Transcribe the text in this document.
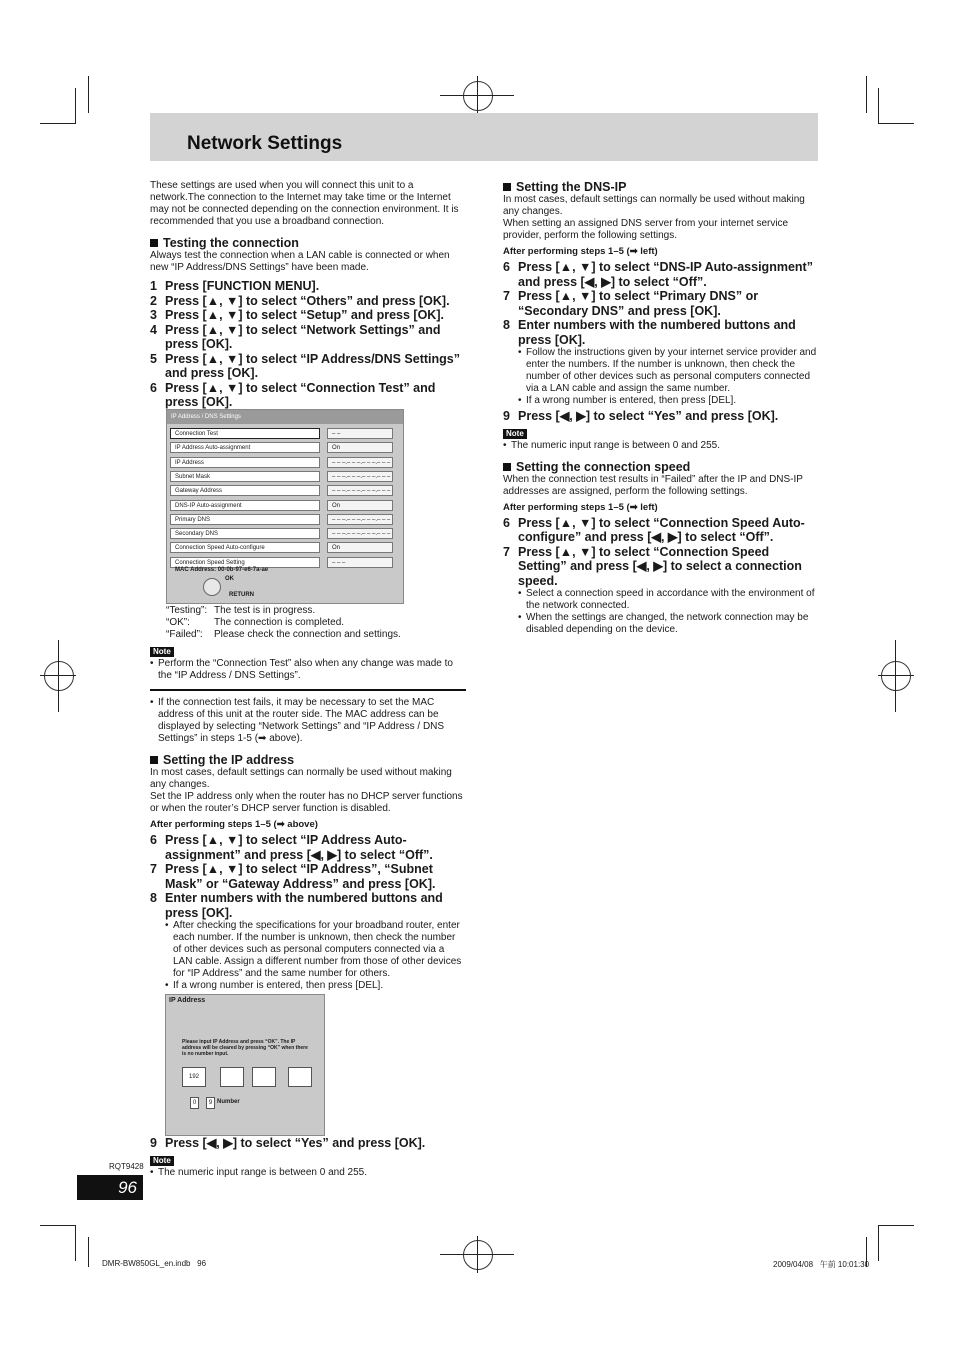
Network Settings

These settings are used when you will connect this unit to a network.The connection to the Internet may take time or the Internet may not be connected depending on the connection environment. It is recommended that you use a broadband connection.

Testing the connection

Always test the connection when a LAN cable is connected or when new “IP Address/DNS Settings” have been made.

1 Press [FUNCTION MENU].
2 Press [▲, ▼] to select “Others” and press [OK].
3 Press [▲, ▼] to select “Setup” and press [OK].
4 Press [▲, ▼] to select “Network Settings” and press [OK].
5 Press [▲, ▼] to select “IP Address/DNS Settings” and press [OK].
6 Press [▲, ▼] to select “Connection Test” and press [OK].
IP Address / DNS Settings
Connection Test	– –
IP Address Auto-assignment	On
IP Address	– – –.– – –.– – –.– – –
Subnet Mask	– – –.– – –.– – –.– – –
Gateway Address	– – –.– – –.– – –.– – –
DNS-IP Auto-assignment	On
Primary DNS	– – –.– – –.– – –.– – –
Secondary DNS	– – –.– – –.– – –.– – –
Connection Speed Auto-configure	On
Connection Speed Setting	– – –
MAC Address: 00-0b-97-e6-7a-ae
OK
RETURN
“Testing”:	The test is in progress.
“OK”:	The connection is completed.
“Failed”:	Please check the connection and settings.
Note
• Perform the “Connection Test” also when any change was made to the “IP Address / DNS Settings”.
• If the connection test fails, it may be necessary to set the MAC address of this unit at the router side. The MAC address can be displayed by selecting “Network Settings” and “IP Address / DNS Settings” in steps 1-5 (➡ above).
Setting the IP address

In most cases, default settings can normally be used without making any changes.

Set the IP address only when the router has no DHCP server functions or when the router’s DHCP server function is disabled.

After performing steps 1–5 (➡ above)

6 Press [▲, ▼] to select “IP Address Auto-assignment” and press [◀, ▶] to select “Off”.
7 Press [▲, ▼] to select “IP Address”, “Subnet Mask” or “Gateway Address” and press [OK].
8 Enter numbers with the numbered buttons and press [OK].
• After checking the specifications for your broadband router, enter each number. If the number is unknown, then check the number of other devices such as personal computers connected via a LAN cable. Assign a different number from those of other devices for “IP Address” and the same number for others.
• If a wrong number is entered, then press [DEL].
IP Address
Please input IP Address and press “OK”. The IP address will be cleared by pressing “OK” when there is no number input.
192
0	9 Number
9 Press [◀, ▶] to select “Yes” and press [OK].
Note
• The numeric input range is between 0 and 255.
Setting the DNS-IP

In most cases, default settings can normally be used without making any changes.

When setting an assigned DNS server from your internet service provider, perform the following settings.

After performing steps 1–5 (➡ left)

6 Press [▲, ▼] to select “DNS-IP Auto-assignment” and press [◀, ▶] to select “Off”.
7 Press [▲, ▼] to select “Primary DNS” or “Secondary DNS” and press [OK].
8 Enter numbers with the numbered buttons and press [OK].
• Follow the instructions given by your internet service provider and enter the numbers. If the number is unknown, then check the number of other devices such as personal computers connected via a LAN cable and assign the same number.
• If a wrong number is entered, then press [DEL].
9 Press [◀, ▶] to select “Yes” and press [OK].
Note
• The numeric input range is between 0 and 255.
Setting the connection speed

When the connection test results in “Failed” after the IP and DNS-IP addresses are assigned, perform the following settings.

After performing steps 1–5 (➡ left)

6 Press [▲, ▼] to select “Connection Speed Auto-configure” and press [◀, ▶] to select “Off”.
7 Press [▲, ▼] to select “Connection Speed Setting” and press [◀, ▶] to select a connection speed.
• Select a connection speed in accordance with the environment of the network connected.
• When the settings are changed, the network connection may be disabled depending on the device.
RQT9428
96
DMR-BW850GL_en.indb   96	2009/04/08   午前 10:01:30
